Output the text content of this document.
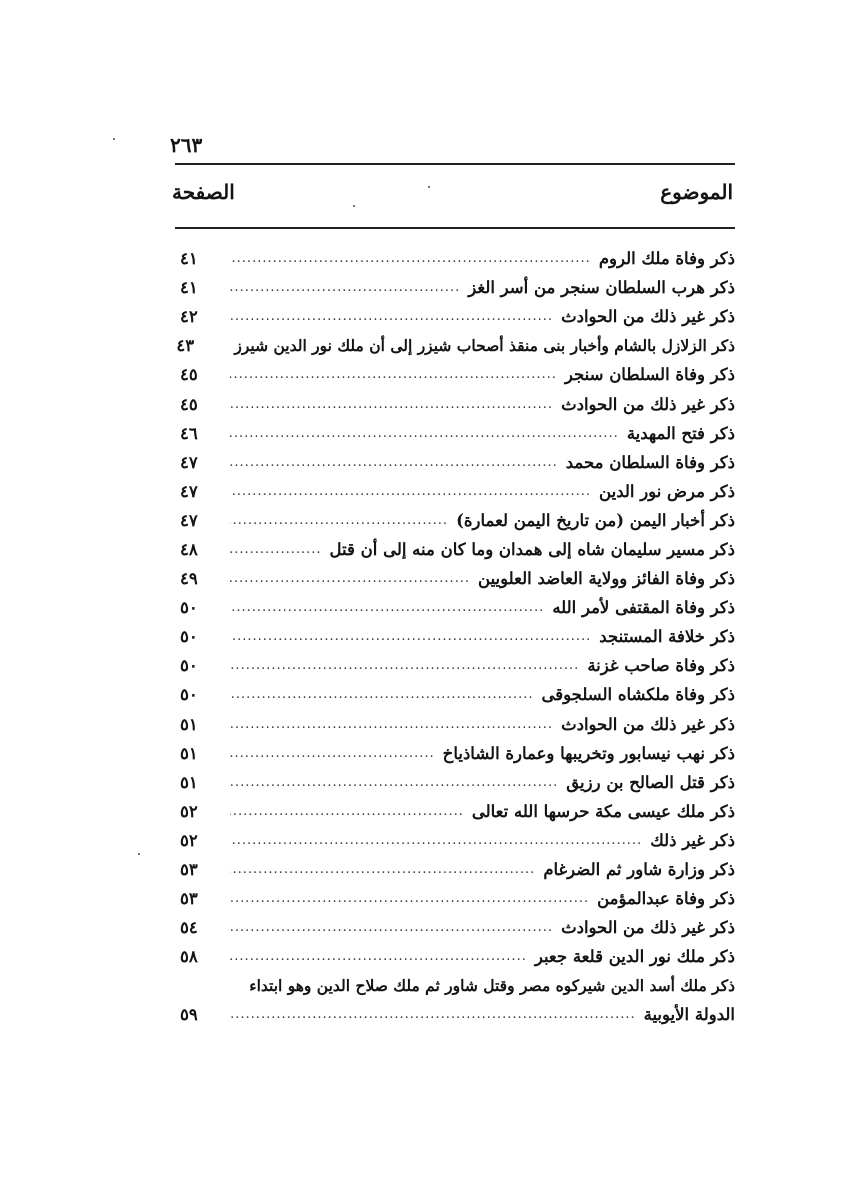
٢٦٣
الموضوع
الصفحة
ذكر وفاة ملك الروم
.....
٤١
ذكر هرب السلطان سنجر من أسر الغز
.....
٤١
ذكر غير ذلك من الحوادث
.....
٤٢
ذكر الزلازل بالشام وأخبار بنى منقذ أصحاب شيزر إلى أن ملك نور الدين شيرز
٤٣
ذكر وفاة السلطان سنجر
.....
٤٥
ذكر غير ذلك من الحوادث
.....
٤٥
ذكر فتح المهدية
.....
٤٦
ذكر وفاة السلطان محمد
.....
٤٧
ذكر مرض نور الدين
.....
٤٧
ذكر أخبار اليمن (من تاريخ اليمن لعمارة)
.....
٤٧
ذكر مسير سليمان شاه إلى همدان وما كان منه إلى أن قتل
.....
٤٨
ذكر وفاة الفائز وولاية العاضد العلويين
.....
٤٩
ذكر وفاة المقتفى لأمر الله
.....
٥٠
ذكر خلافة المستنجد
.....
٥٠
ذكر وفاة صاحب غزنة
.....
٥٠
ذكر وفاة ملكشاه السلجوقى
.....
٥٠
ذكر غير ذلك من الحوادث
.....
٥١
ذكر نهب نيسابور وتخريبها وعمارة الشاذياخ
.....
٥١
ذكر قتل الصالح بن رزيق
.....
٥١
ذكر ملك عيسى مكة حرسها الله تعالى
.....
٥٢
ذكر غير ذلك
.....
٥٢
ذكر وزارة شاور ثم الضرغام
.....
٥٣
ذكر وفاة عبدالمؤمن
.....
٥٣
ذكر غير ذلك من الحوادث
.....
٥٤
ذكر ملك نور الدين قلعة جعبر
.....
٥٨
ذكر ملك أسد الدين شيركوه مصر وقتل شاور ثم ملك صلاح الدين وهو ابتداء
الدولة الأيوبية
.....
٥٩
